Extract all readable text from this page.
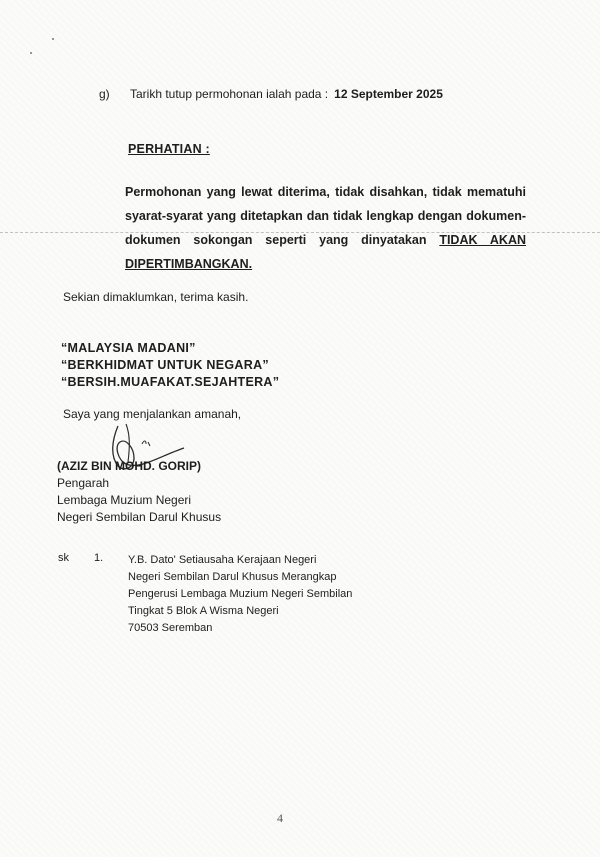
g) Tarikh tutup permohonan ialah pada : 12 September 2025
PERHATIAN :
Permohonan yang lewat diterima, tidak disahkan, tidak mematuhi syarat-syarat yang ditetapkan dan tidak lengkap dengan dokumen-dokumen sokongan seperti yang dinyatakan TIDAK AKAN DIPERTIMBANGKAN.
Sekian dimaklumkan, terima kasih.
“MALAYSIA MADANI”
“BERKHIDMAT UNTUK NEGARA”
“BERSIH.MUAFAKAT.SEJAHTERA”
Saya yang menjalankan amanah,
(AZIZ BIN MOHD. GORIP)
Pengarah
Lembaga Muzium Negeri
Negeri Sembilan Darul Khusus
sk 1. Y.B. Dato' Setiausaha Kerajaan Negeri
Negeri Sembilan Darul Khusus Merangkap
Pengerusi Lembaga Muzium Negeri Sembilan
Tingkat 5 Blok A Wisma Negeri
70503 Seremban
4
